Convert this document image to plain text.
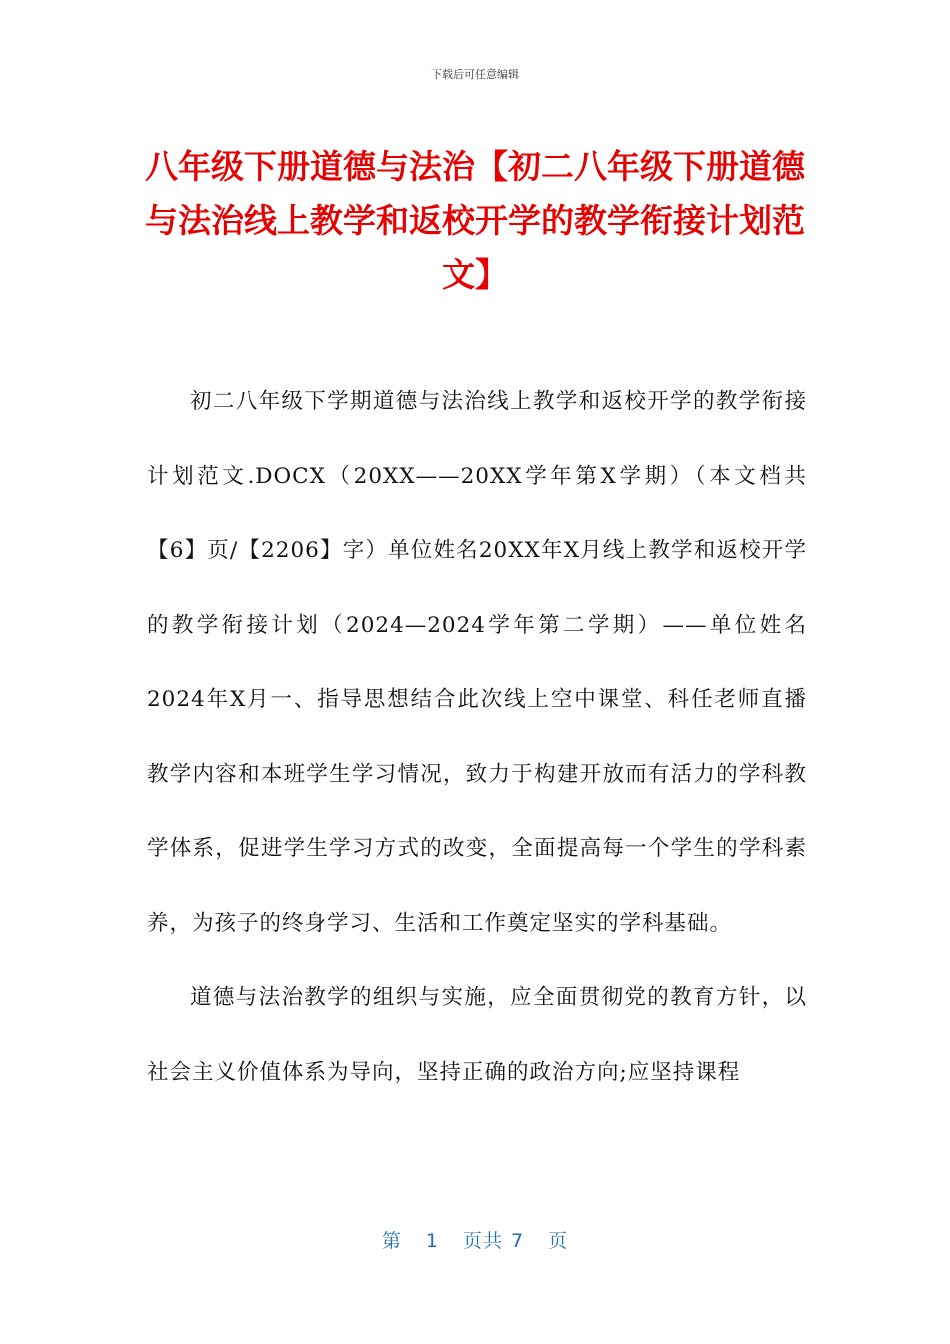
下载后可任意编辑
八年级下册道德与法治【初二八年级下册道德与法治线上教学和返校开学的教学衔接计划范文】

初二八年级下学期道德与法治线上教学和返校开学的教学衔接计划范文.DOCX（20XX——20XX学年第X学期）（本文档共【6】页/【2206】字）单位姓名20XX年X月线上教学和返校开学的教学衔接计划（2024—2024学年第二学期）——单位姓名2024年X月一、指导思想结合此次线上空中课堂、科任老师直播教学内容和本班学生学习情况，致力于构建开放而有活力的学科教学体系，促进学生学习方式的改变，全面提高每一个学生的学科素养，为孩子的终身学习、生活和工作奠定坚实的学科基础。

道德与法治教学的组织与实施，应全面贯彻党的教育方针，以社会主义价值体系为导向，坚持正确的政治方向;应坚持课程

第 1 页共 7 页
